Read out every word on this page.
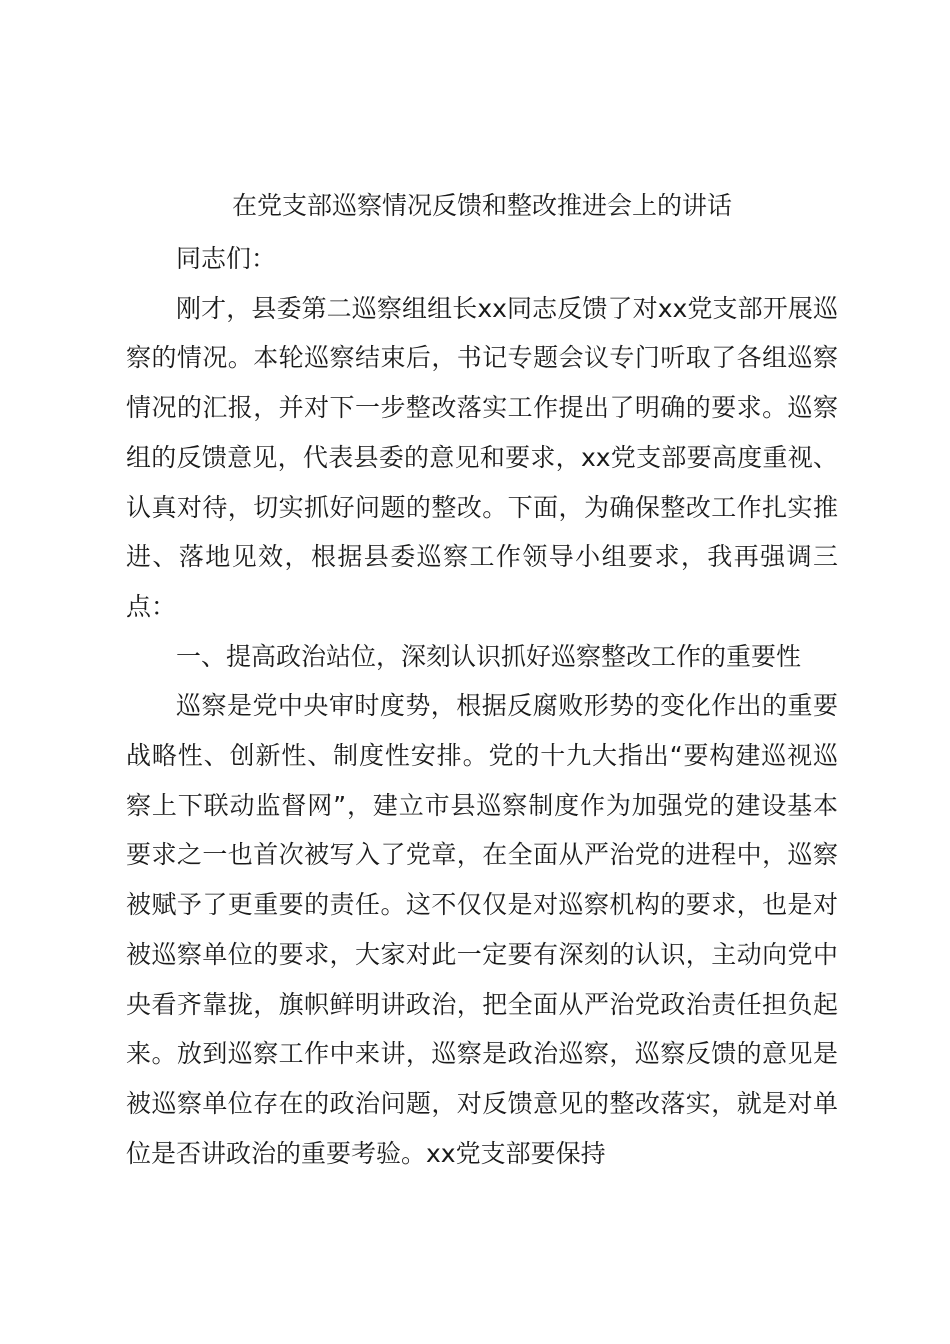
在党支部巡察情况反馈和整改推进会上的讲话

同志们：

刚才，县委第二巡察组组长xx同志反馈了对xx党支部开展巡察的情况。本轮巡察结束后，书记专题会议专门听取了各组巡察情况的汇报，并对下一步整改落实工作提出了明确的要求。巡察组的反馈意见，代表县委的意见和要求，xx党支部要高度重视、认真对待，切实抓好问题的整改。下面，为确保整改工作扎实推进、落地见效，根据县委巡察工作领导小组要求，我再强调三点：

一、提高政治站位，深刻认识抓好巡察整改工作的重要性

巡察是党中央审时度势，根据反腐败形势的变化作出的重要战略性、创新性、制度性安排。党的十九大指出“要构建巡视巡察上下联动监督网”，建立市县巡察制度作为加强党的建设基本要求之一也首次被写入了党章，在全面从严治党的进程中，巡察被赋予了更重要的责任。这不仅仅是对巡察机构的要求，也是对被巡察单位的要求，大家对此一定要有深刻的认识，主动向党中央看齐靠拢，旗帜鲜明讲政治，把全面从严治党政治责任担负起来。放到巡察工作中来讲，巡察是政治巡察，巡察反馈的意见是被巡察单位存在的政治问题，对反馈意见的整改落实，就是对单位是否讲政治的重要考验。xx党支部要保持
